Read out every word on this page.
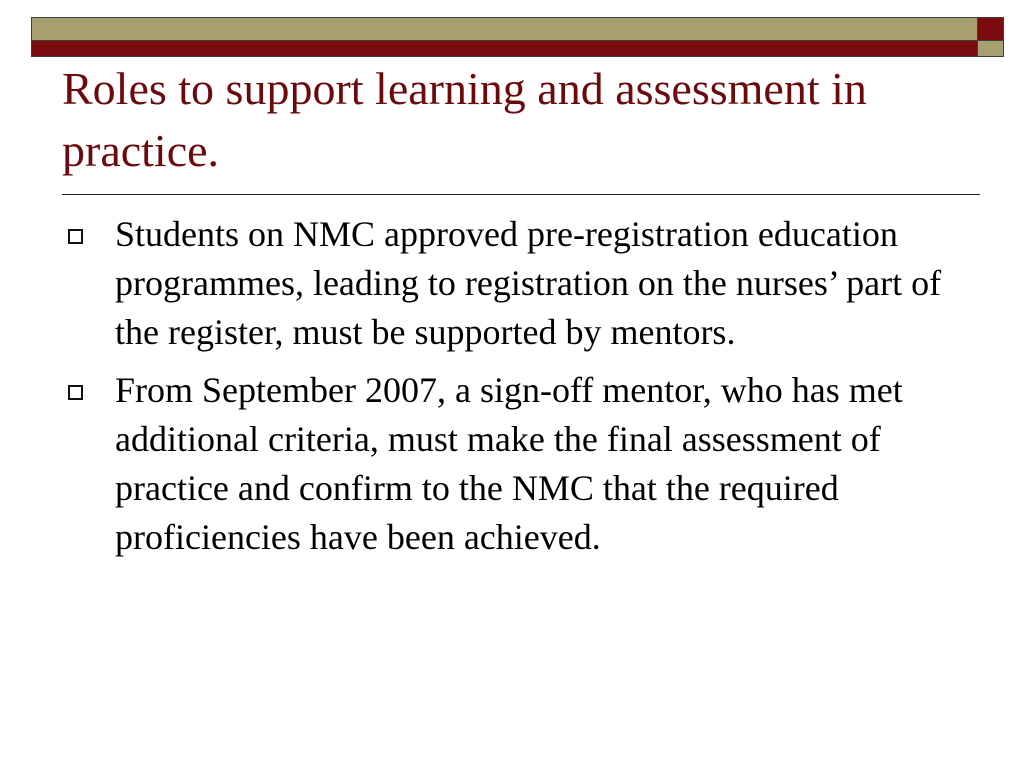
Roles to support learning and assessment in practice.
Students on NMC approved pre-registration education programmes, leading to registration on the nurses’ part of the register, must be supported by mentors.
From September 2007, a sign-off mentor, who has met additional criteria, must make the final assessment of practice and confirm to the NMC that the required proficiencies have been achieved.
